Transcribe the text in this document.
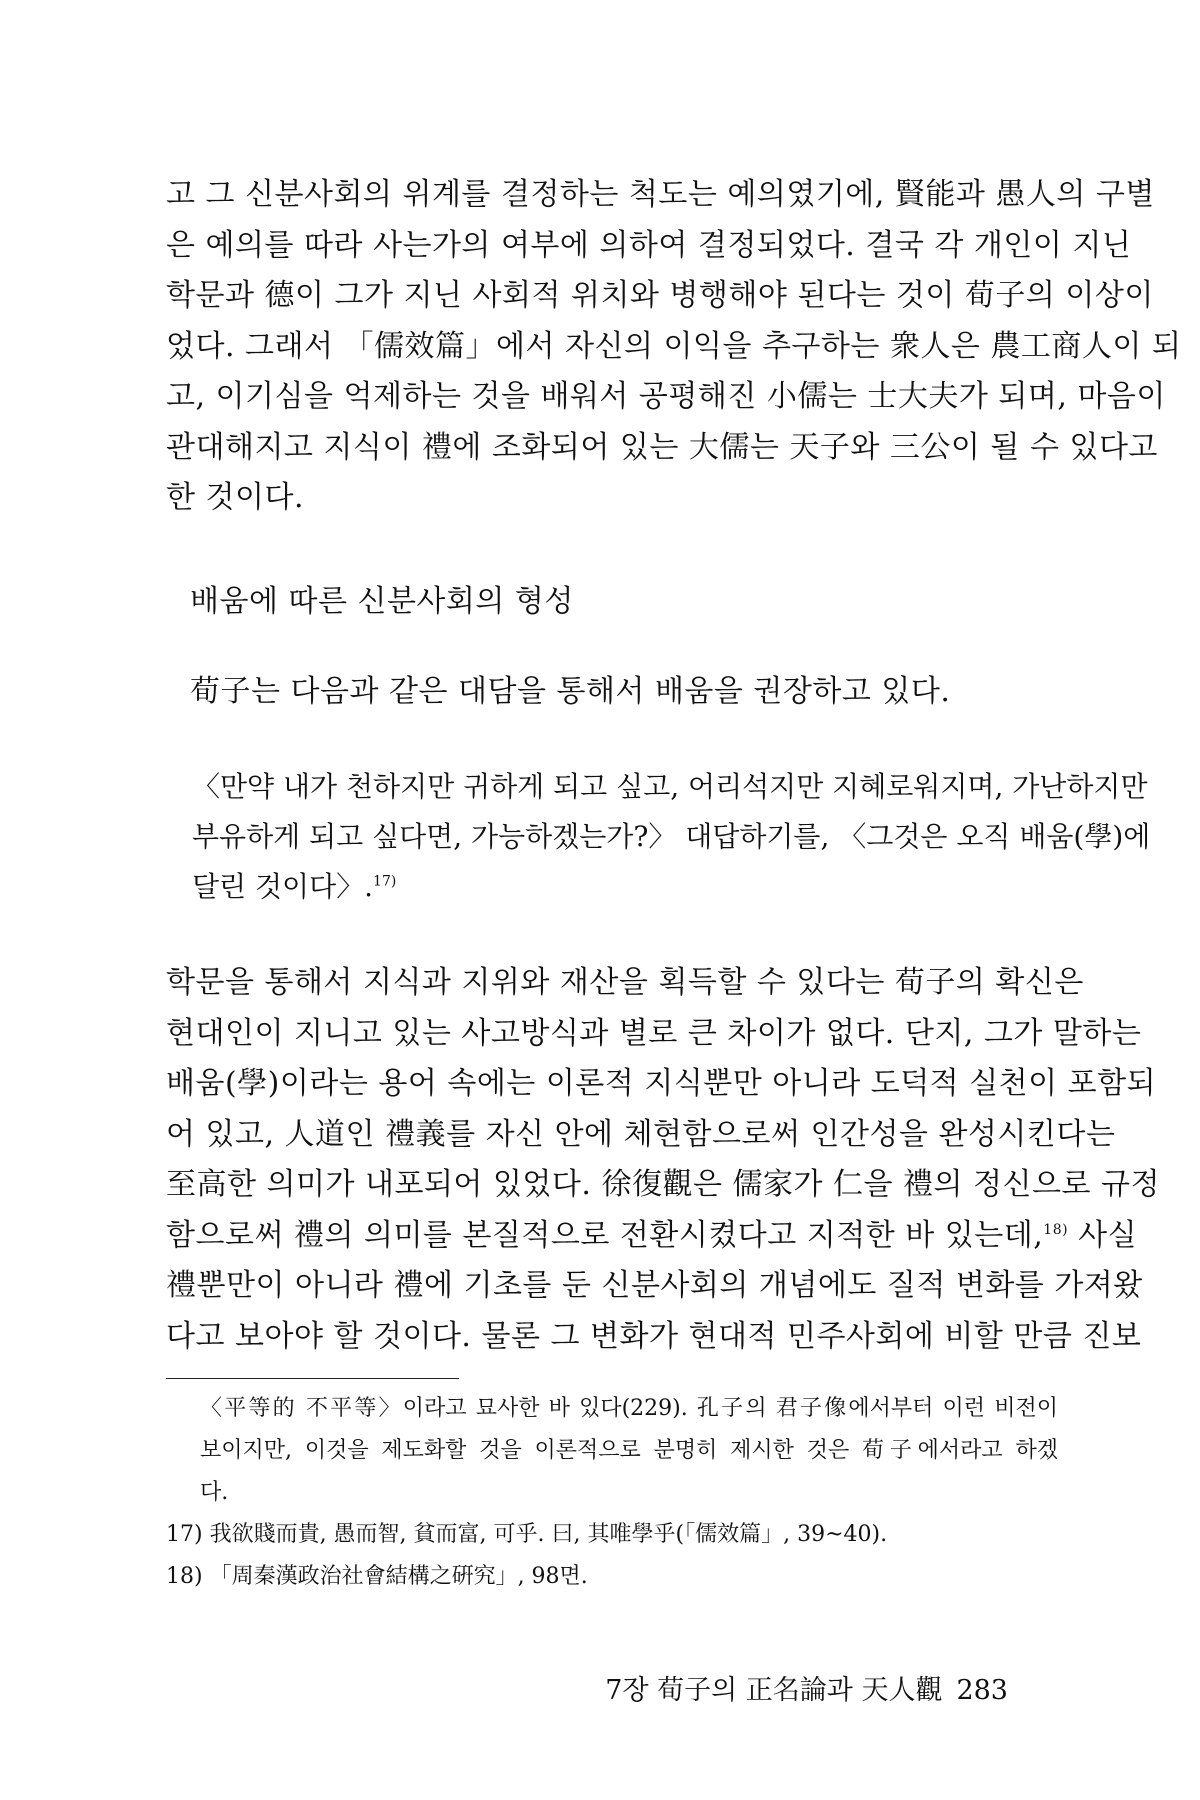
고 그 신분사회의 위계를 결정하는 척도는 예의였기에, 賢能과 愚人의 구별
은 예의를 따라 사는가의 여부에 의하여 결정되었다. 결국 각 개인이 지닌
학문과 德이 그가 지닌 사회적 위치와 병행해야 된다는 것이 荀子의 이상이
었다. 그래서 「儒效篇」에서 자신의 이익을 추구하는 衆人은 農工商人이 되
고, 이기심을 억제하는 것을 배워서 공평해진 小儒는 士大夫가 되며, 마음이
관대해지고 지식이 禮에 조화되어 있는 大儒는 天子와 三公이 될 수 있다고
한 것이다.

배움에 따른 신분사회의 형성

荀子는 다음과 같은 대담을 통해서 배움을 권장하고 있다.

〈만약 내가 천하지만 귀하게 되고 싶고, 어리석지만 지혜로워지며, 가난하지만
부유하게 되고 싶다면, 가능하겠는가?〉 대답하기를, 〈그것은 오직 배움(學)에
달린 것이다〉.$^{17)}$
학문을 통해서 지식과 지위와 재산을 획득할 수 있다는 荀子의 확신은
현대인이 지니고 있는 사고방식과 별로 큰 차이가 없다. 단지, 그가 말하는
배움(學)이라는 용어 속에는 이론적 지식뿐만 아니라 도덕적 실천이 포함되
어 있고, 人道인 禮義를 자신 안에 체현함으로써 인간성을 완성시킨다는
至高한 의미가 내포되어 있었다. 徐復觀은 儒家가 仁을 禮의 정신으로 규정
함으로써 禮의 의미를 본질적으로 전환시켰다고 지적한 바 있는데,$^{18)}$ 사실
禮뿐만이 아니라 禮에 기초를 둔 신분사회의 개념에도 질적 변화를 가져왔
다고 보아야 할 것이다. 물론 그 변화가 현대적 민주사회에 비할 만큼 진보
〈平等的 不平等〉이라고 묘사한 바 있다(229). 孔子의 君子像에서부터 이런 비전이
보이지만, 이것을 제도화할 것을 이론적으로 분명히 제시한 것은 荀子에서라고 하겠
다.
17) 我欲賤而貴, 愚而智, 貧而富, 可乎. 曰, 其唯學乎(「儒效篇」, 39~40).
18) 「周秦漢政治社會結構之硏究」, 98면.

7장 荀子의 正名論과 天人觀 283
